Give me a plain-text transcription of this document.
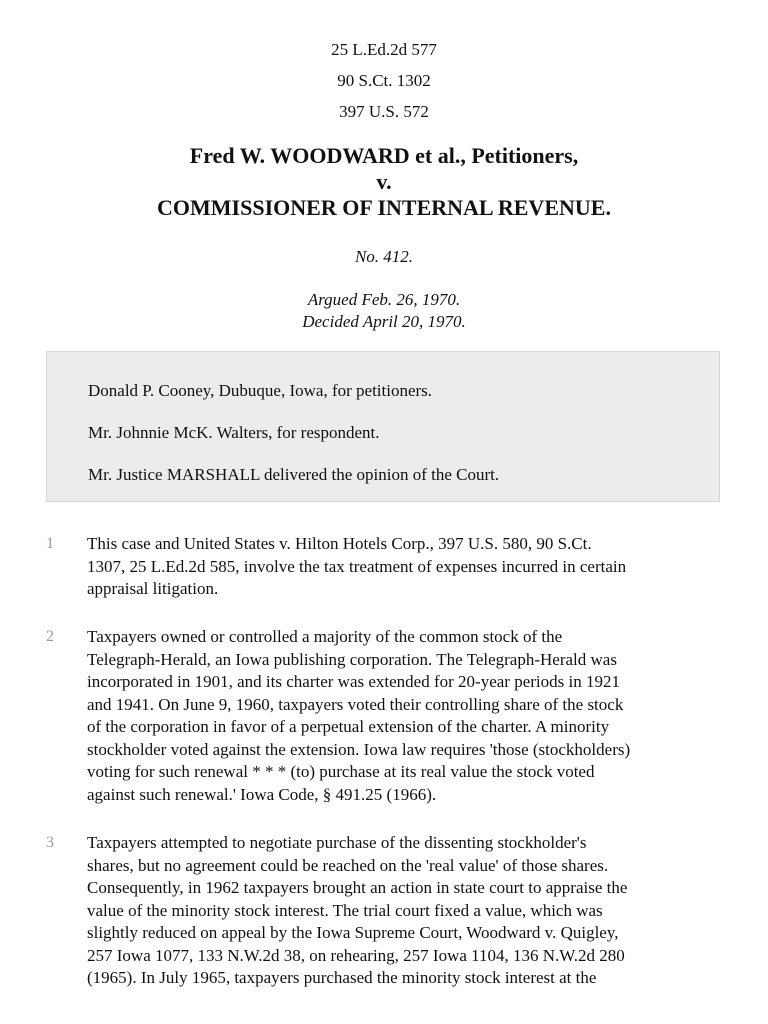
25 L.Ed.2d 577
90 S.Ct. 1302
397 U.S. 572
Fred W. WOODWARD et al., Petitioners,
v.
COMMISSIONER OF INTERNAL REVENUE.
No. 412.
Argued Feb. 26, 1970.
Decided April 20, 1970.

Donald P. Cooney, Dubuque, Iowa, for petitioners.

Mr. Johnnie McK. Walters, for respondent.

Mr. Justice MARSHALL delivered the opinion of the Court.

1 This case and United States v. Hilton Hotels Corp., 397 U.S. 580, 90 S.Ct.
1307, 25 L.Ed.2d 585, involve the tax treatment of expenses incurred in certain
appraisal litigation.
2 Taxpayers owned or controlled a majority of the common stock of the
Telegraph-Herald, an Iowa publishing corporation. The Telegraph-Herald was
incorporated in 1901, and its charter was extended for 20-year periods in 1921
and 1941. On June 9, 1960, taxpayers voted their controlling share of the stock
of the corporation in favor of a perpetual extension of the charter. A minority
stockholder voted against the extension. Iowa law requires 'those (stockholders)
voting for such renewal * * * (to) purchase at its real value the stock voted
against such renewal.' Iowa Code, § 491.25 (1966).
3 Taxpayers attempted to negotiate purchase of the dissenting stockholder's
shares, but no agreement could be reached on the 'real value' of those shares.
Consequently, in 1962 taxpayers brought an action in state court to appraise the
value of the minority stock interest. The trial court fixed a value, which was
slightly reduced on appeal by the Iowa Supreme Court, Woodward v. Quigley,
257 Iowa 1077, 133 N.W.2d 38, on rehearing, 257 Iowa 1104, 136 N.W.2d 280
(1965). In July 1965, taxpayers purchased the minority stock interest at the
